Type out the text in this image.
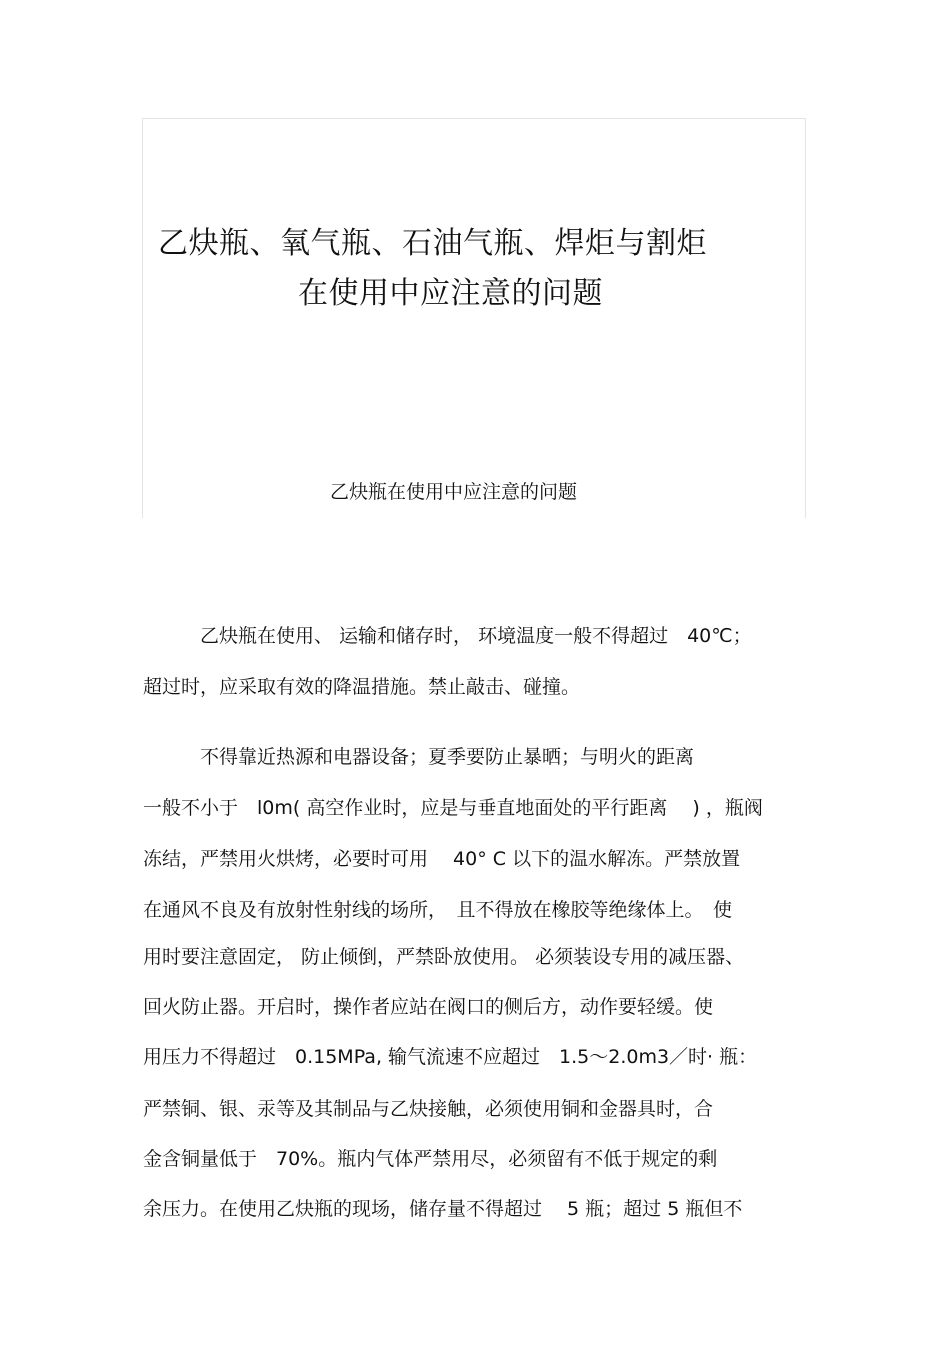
乙炔瓶、氧气瓶、石油气瓶、焊炬与割炬
在使用中应注意的问题
乙炔瓶在使用中应注意的问题
　　　乙炔瓶在使用、 运输和储存时， 环境温度一般不得超过　40℃；
超过时，应采取有效的降温措施。禁止敲击、碰撞。
　　　不得靠近热源和电器设备；夏季要防止暴晒；与明火的距离
一般不小于　l0m( 高空作业时，应是与垂直地面处的平行距离　 ) ，瓶阀
冻结，严禁用火烘烤，必要时可用　 40° C 以下的温水解冻。严禁放置
在通风不良及有放射性射线的场所，　且不得放在橡胶等绝缘体上。　使
用时要注意固定， 防止倾倒，严禁卧放使用。 必须装设专用的减压器、
回火防止器。开启时，操作者应站在阀口的侧后方，动作要轻缓。使
用压力不得超过　0.15MPa, 输气流速不应超过　1.5～2.0m3／时· 瓶：
严禁铜、银、汞等及其制品与乙炔接触，必须使用铜和金器具时，合
金含铜量低于　70%。瓶内气体严禁用尽，必须留有不低于规定的剩
余压力。在使用乙炔瓶的现场，储存量不得超过　 5 瓶；超过 5 瓶但不
